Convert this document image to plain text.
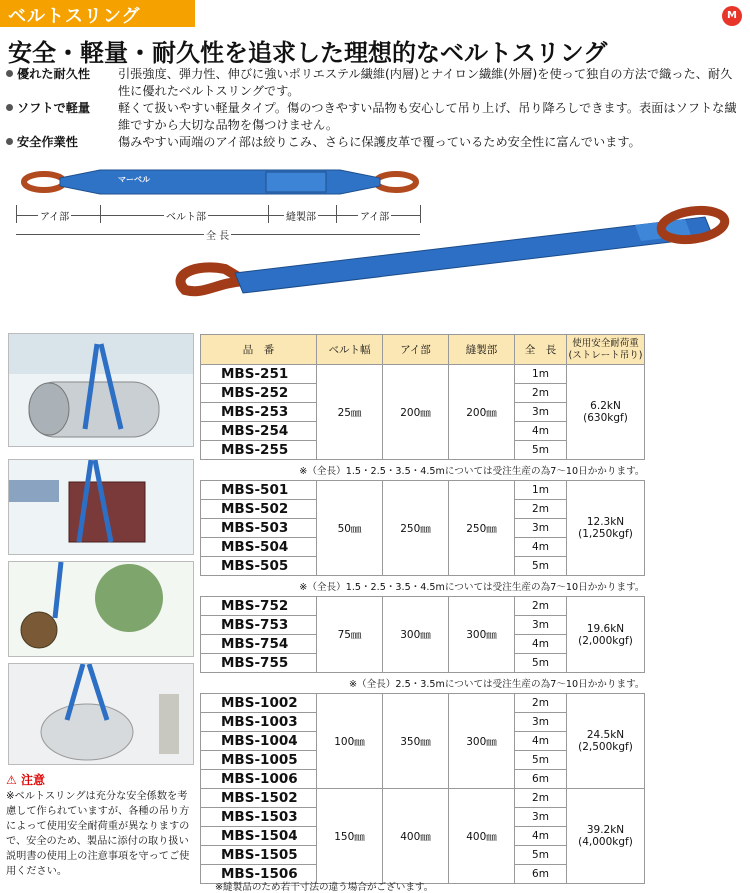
ベルトスリング	M
安全・軽量・耐久性を追求した理想的なベルトスリング
優れた耐久性	引張強度、弾力性、伸びに強いポリエステル繊維(内層)とナイロン繊維(外層)を使って独自の方法で織った、耐久性に優れたベルトスリングです。
ソフトで軽量	軽くて扱いやすい軽量タイプ。傷のつきやすい品物も安心して吊り上げ、吊り降ろしできます。表面はソフトな繊維ですから大切な品物を傷つけません。
安全作業性	傷みやすい両端のアイ部は絞りこみ、さらに保護皮革で覆っているため安全性に富んでいます。
マーベル
アイ部	ベルト部	縫製部	アイ部
全 長
⚠ 注意
※ベルトスリングは充分な安全係数を考慮して作られていますが、各種の吊り方によって使用安全耐荷重が異なりますので、安全のため、製品に添付の取り扱い説明書の使用上の注意事項を守ってご使用ください。
品　番	ベルト幅	アイ部	縫製部	全　長	使用安全耐荷重
(ストレート吊り)
MBS-251	25㎜	200㎜	200㎜	1m	6.2kN
(630kgf)

MBS-252				2m	
MBS-253				3m	
MBS-254				4m	
MBS-255				5m	
※（全長）1.5・2.5・3.5・4.5mについては受注生産の為7〜10日かかります。					
MBS-501	50㎜	250㎜	250㎜	1m	12.3kN
(1,250kgf)

MBS-502				2m	
MBS-503				3m	
MBS-504				4m	
MBS-505				5m	
※（全長）1.5・2.5・3.5・4.5mについては受注生産の為7〜10日かかります。					
MBS-752	75㎜	300㎜	300㎜	2m	19.6kN
(2,000kgf)

MBS-753				3m	
MBS-754				4m	
MBS-755				5m	
※（全長）2.5・3.5mについては受注生産の為7〜10日かかります。					
MBS-1002	100㎜	350㎜	300㎜	2m	24.5kN
(2,500kgf)

MBS-1003				3m	
MBS-1004				4m	
MBS-1005				5m	
MBS-1006				6m	
MBS-1502	150㎜	400㎜	400㎜	2m	39.2kN
(4,000kgf)

MBS-1503				3m	
MBS-1504				4m	
MBS-1505				5m	
MBS-1506				6m	
※縫製品のため若干寸法の違う場合がございます。
